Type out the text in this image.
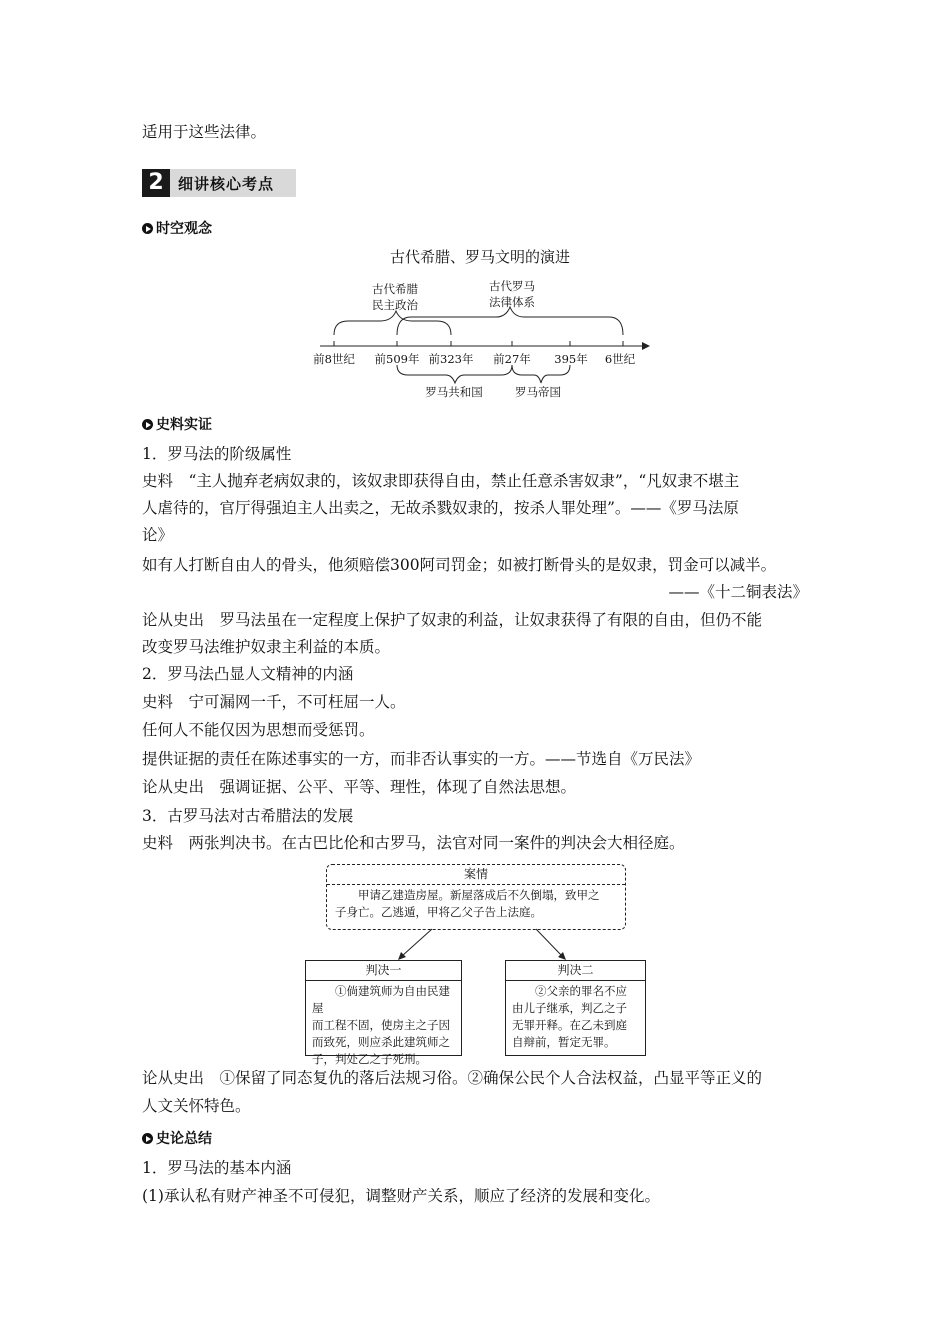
适用于这些法律。
2 细讲核心考点
时空观念
古代希腊、罗马文明的演进
古代希腊
民主政治
古代罗马
法律体系
前8世纪	前509年 前323年	前27年	395年	6世纪
罗马共和国	罗马帝国
史料实证
1．罗马法的阶级属性
史料　“主人抛弃老病奴隶的，该奴隶即获得自由，禁止任意杀害奴隶”，“凡奴隶不堪主
人虐待的，官厅得强迫主人出卖之，无故杀戮奴隶的，按杀人罪处理”。——《罗马法原
论》
如有人打断自由人的骨头，他须赔偿300阿司罚金；如被打断骨头的是奴隶，罚金可以减半。
——《十二铜表法》
论从史出　罗马法虽在一定程度上保护了奴隶的利益，让奴隶获得了有限的自由，但仍不能
改变罗马法维护奴隶主利益的本质。
2．罗马法凸显人文精神的内涵
史料　宁可漏网一千，不可枉屈一人。
任何人不能仅因为思想而受惩罚。
提供证据的责任在陈述事实的一方，而非否认事实的一方。——节选自《万民法》
论从史出　强调证据、公平、平等、理性，体现了自然法思想。
3．古罗马法对古希腊法的发展
史料　两张判决书。在古巴比伦和古罗马，法官对同一案件的判决会大相径庭。
案情
　　甲请乙建造房屋。新屋落成后不久倒塌，致甲之
子身亡。乙逃遁，甲将乙父子告上法庭。
判决一
　　①倘建筑师为自由民建屋
而工程不固，使房主之子因
而致死，则应杀此建筑师之
子，判处乙之子死刑。
判决二
　　②父亲的罪名不应
由儿子继承，判乙之子
无罪开释。在乙未到庭
自辩前，暂定无罪。
论从史出　①保留了同态复仇的落后法规习俗。②确保公民个人合法权益，凸显平等正义的
人文关怀特色。
史论总结
1．罗马法的基本内涵
(1)承认私有财产神圣不可侵犯，调整财产关系，顺应了经济的发展和变化。
